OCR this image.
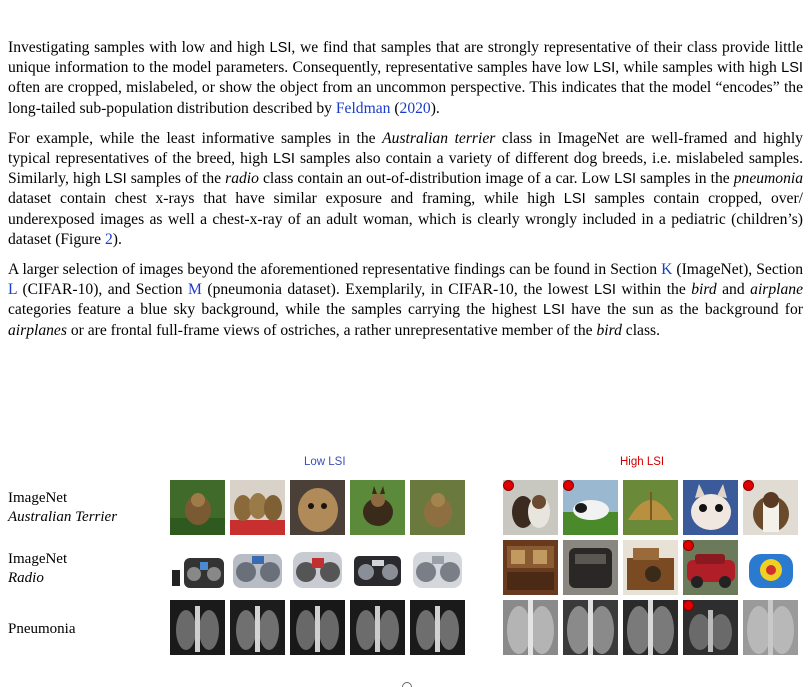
Investigating samples with low and high LSI, we find that samples that are strongly representative of their class provide little unique information to the model parameters. Consequently, representative samples have low LSI, while samples with high LSI often are cropped, mislabeled, or show the object from an uncommon perspective. This indicates that the model “encodes” the long-tailed sub-population distribution described by Feldman (2020).

For example, while the least informative samples in the Australian terrier class in ImageNet are well-framed and highly typical representatives of the breed, high LSI samples also contain a variety of different dog breeds, i.e. mislabeled samples. Similarly, high LSI samples of the radio class contain an out-of-distribution image of a car. Low LSI samples in the pneumonia dataset contain chest x-rays that have similar exposure and framing, while high LSI samples contain cropped, over/ underexposed images as well a chest-x-ray of an adult woman, which is clearly wrongly included in a pediatric (children’s) dataset (Figure 2).

A larger selection of images beyond the aforementioned representative findings can be found in Section K (ImageNet), Section L (CIFAR-10), and Section M (pneumonia dataset). Exemplarily, in CIFAR-10, the lowest LSI within the bird and airplane categories feature a blue sky background, while the samples carrying the highest LSI have the sun as the background for airplanes or are frontal full-frame views of ostriches, a rather unrepresentative member of the bird class.

Low LSI	High LSI
ImageNet
Australian Terrier
ImageNet
Radio
Pneumonia
